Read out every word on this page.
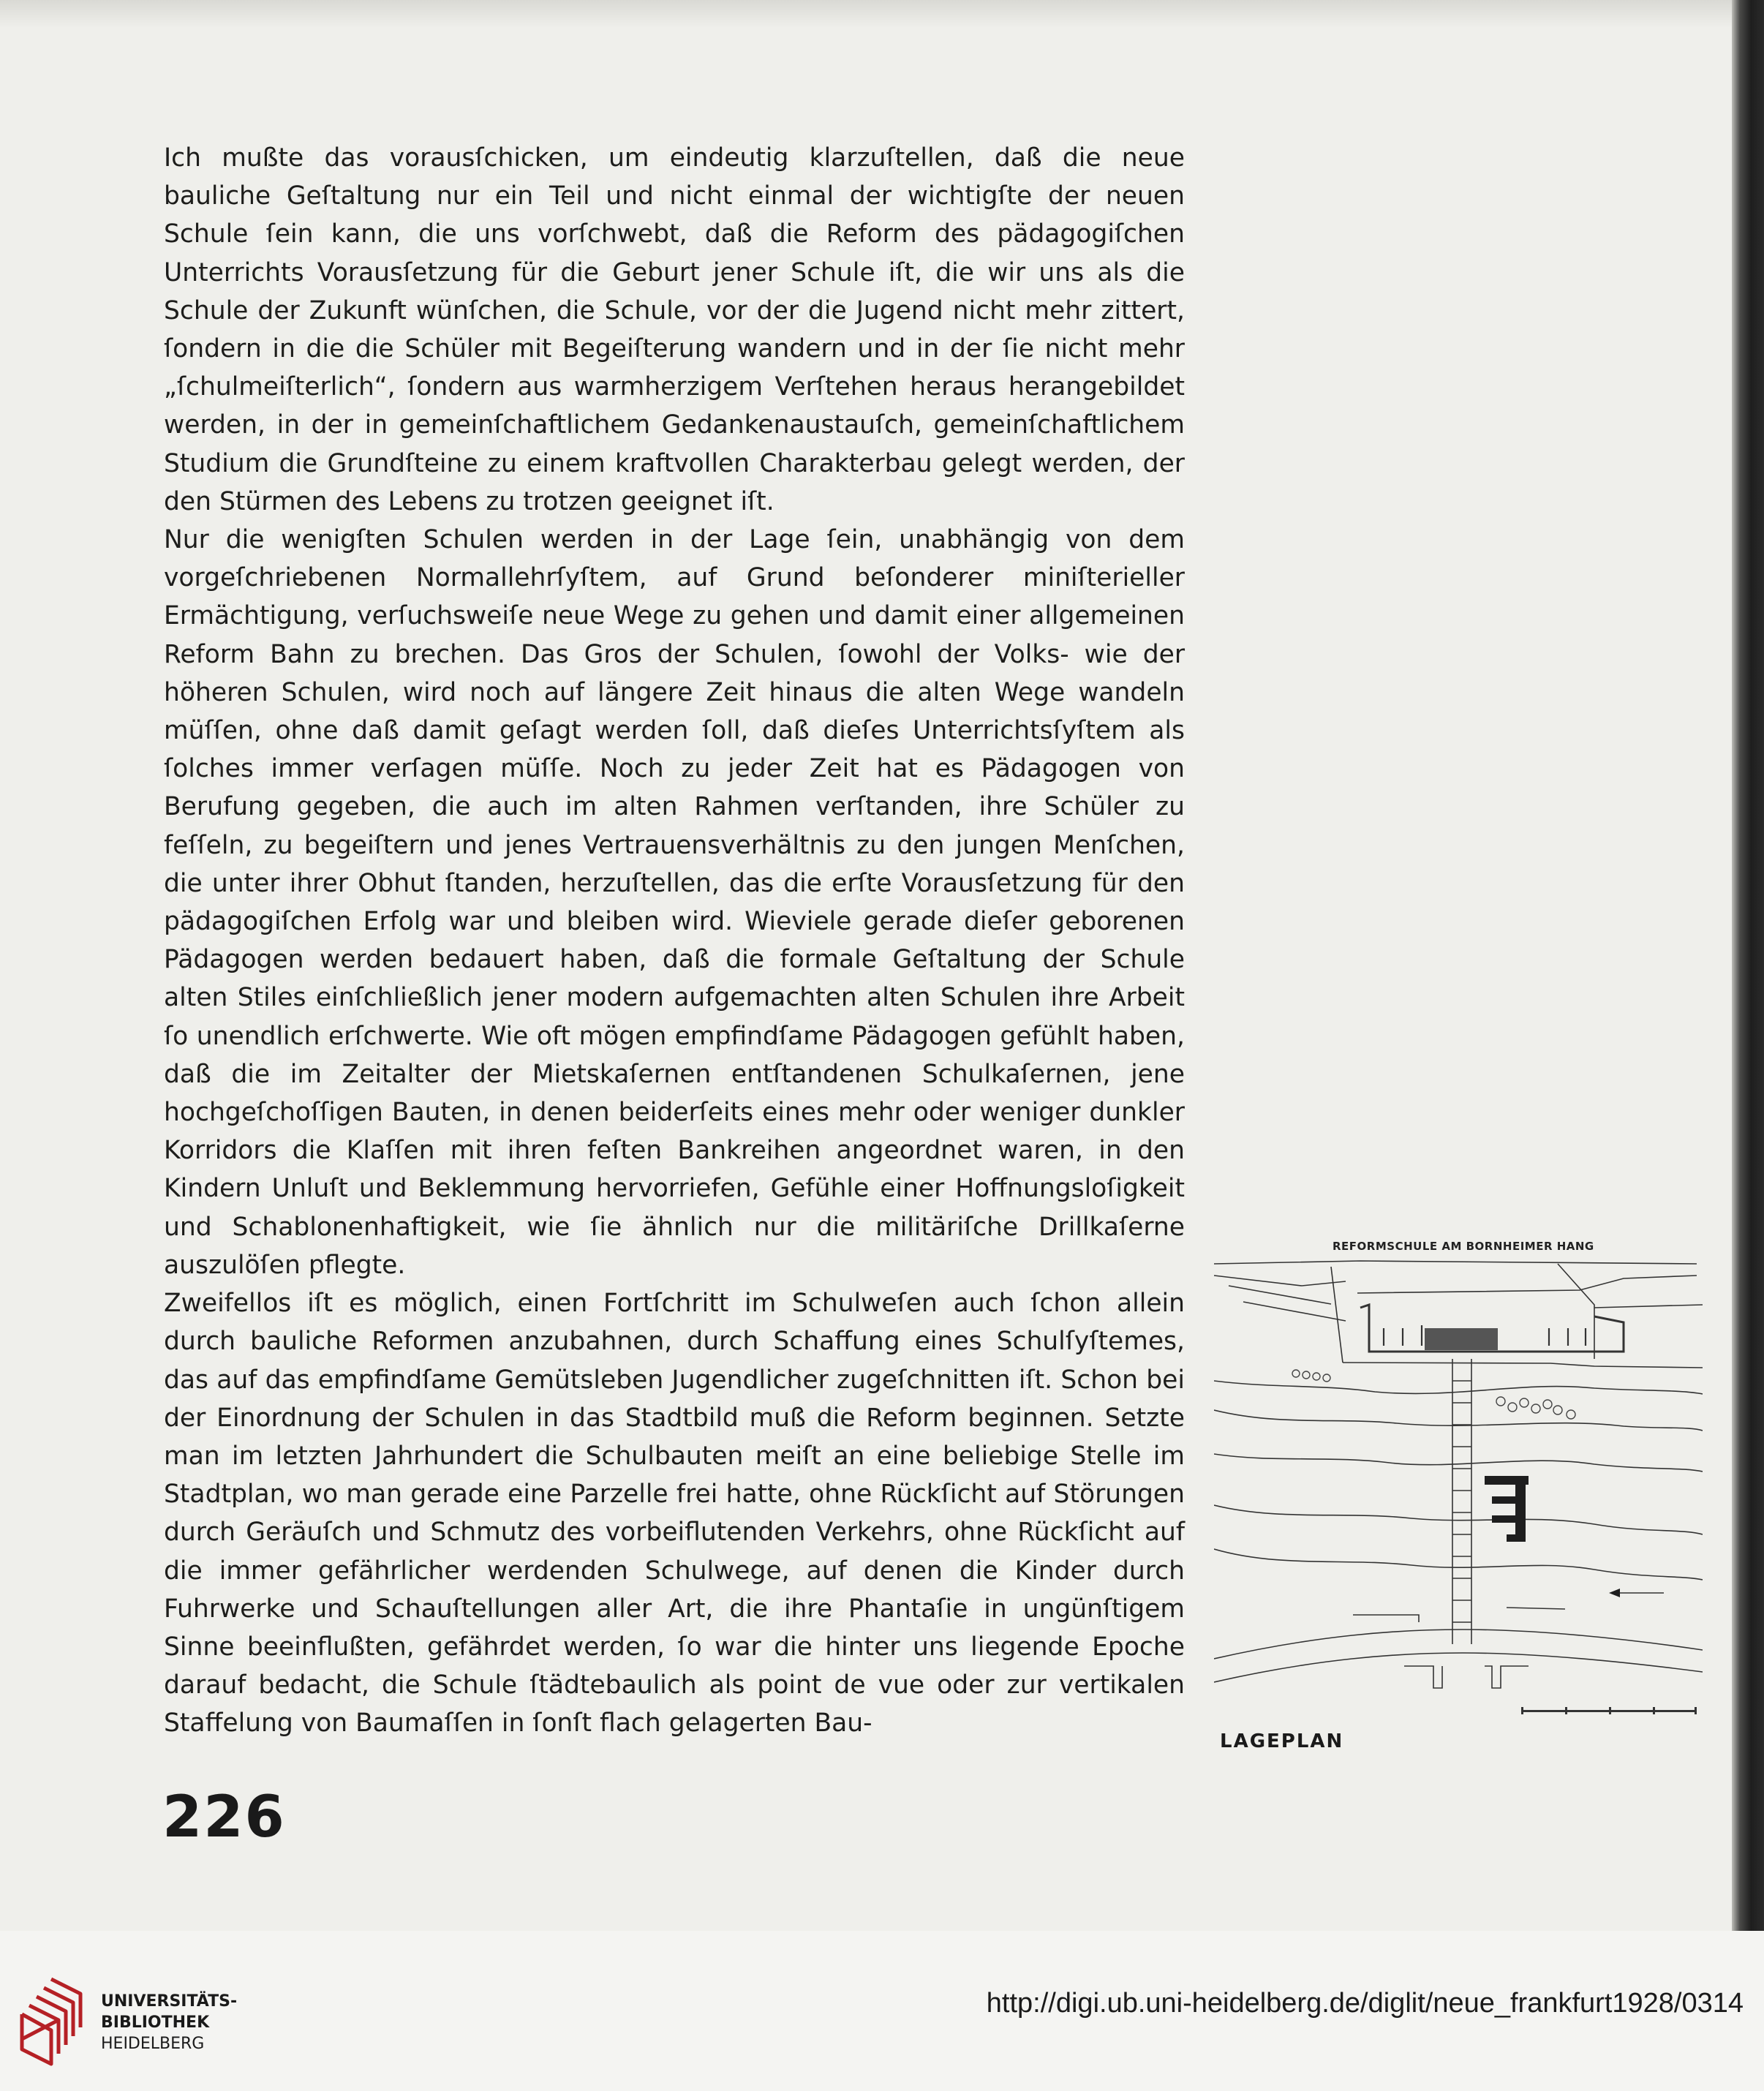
Ich mußte das vorausſchicken, um eindeutig klarzuſtellen, daß die neue bauliche Geſtaltung nur ein Teil und nicht einmal der wichtigſte der neuen Schule ſein kann, die uns vorſchwebt, daß die Reform des pädagogiſchen Unterrichts Vorausſetzung für die Geburt jener Schule iſt, die wir uns als die Schule der Zukunft wünſchen, die Schule, vor der die Jugend nicht mehr zittert, ſondern in die die Schüler mit Begeiſterung wandern und in der ſie nicht mehr „ſchulmeiſterlich“, ſondern aus warmherzigem Verſtehen heraus herangebildet werden, in der in gemeinſchaftlichem Gedankenaustauſch, gemeinſchaftlichem Studium die Grundſteine zu einem kraftvollen Charakterbau gelegt werden, der den Stürmen des Lebens zu trotzen geeignet iſt.

Nur die wenigſten Schulen werden in der Lage ſein, unabhängig von dem vorgeſchriebenen Normallehrſyſtem, auf Grund beſonderer miniſterieller Ermächtigung, verſuchsweiſe neue Wege zu gehen und damit einer allgemeinen Reform Bahn zu brechen. Das Gros der Schulen, ſowohl der Volks- wie der höheren Schulen, wird noch auf längere Zeit hinaus die alten Wege wandeln müſſen, ohne daß damit geſagt werden ſoll, daß dieſes Unterrichtsſyſtem als ſolches immer verſagen müſſe. Noch zu jeder Zeit hat es Pädagogen von Berufung gegeben, die auch im alten Rahmen verſtanden, ihre Schüler zu feſſeln, zu begeiſtern und jenes Vertrauensverhältnis zu den jungen Menſchen, die unter ihrer Obhut ſtanden, herzuſtellen, das die erſte Vorausſetzung für den pädagogiſchen Erfolg war und bleiben wird. Wieviele gerade dieſer geborenen Pädagogen werden bedauert haben, daß die formale Geſtaltung der Schule alten Stiles einſchließlich jener modern aufgemachten alten Schulen ihre Arbeit ſo unendlich erſchwerte. Wie oft mögen empfindſame Pädagogen gefühlt haben, daß die im Zeitalter der Mietskaſernen entſtandenen Schulkaſernen, jene hochgeſchoſſigen Bauten, in denen beiderſeits eines mehr oder weniger dunkler Korridors die Klaſſen mit ihren feſten Bankreihen angeordnet waren, in den Kindern Unluſt und Beklemmung hervorriefen, Gefühle einer Hoffnungsloſigkeit und Schablonenhaftigkeit, wie ſie ähnlich nur die militäriſche Drillkaſerne auszulöſen pflegte.

Zweifellos iſt es möglich, einen Fortſchritt im Schulweſen auch ſchon allein durch bauliche Reformen anzubahnen, durch Schaffung eines Schulſyſtemes, das auf das empfindſame Gemütsleben Jugendlicher zugeſchnitten iſt. Schon bei der Einordnung der Schulen in das Stadtbild muß die Reform beginnen. Setzte man im letzten Jahrhundert die Schulbauten meiſt an eine beliebige Stelle im Stadtplan, wo man gerade eine Parzelle frei hatte, ohne Rückſicht auf Störungen durch Geräuſch und Schmutz des vorbeiflutenden Verkehrs, ohne Rückſicht auf die immer gefährlicher werdenden Schulwege, auf denen die Kinder durch Fuhrwerke und Schauſtellungen aller Art, die ihre Phantaſie in ungünſtigem Sinne beeinflußten, gefährdet werden, ſo war die hinter uns liegende Epoche darauf bedacht, die Schule ſtädtebaulich als point de vue oder zur vertikalen Staffelung von Baumaſſen in ſonſt flach gelagerten Bau-

REFORMSCHULE AM BORNHEIMER HANG
LAGEPLAN
226
UNIVERSITÄTS-
BIBLIOTHEK
HEIDELBERG
http://digi.ub.uni-heidelberg.de/diglit/neue_frankfurt1928/0314
